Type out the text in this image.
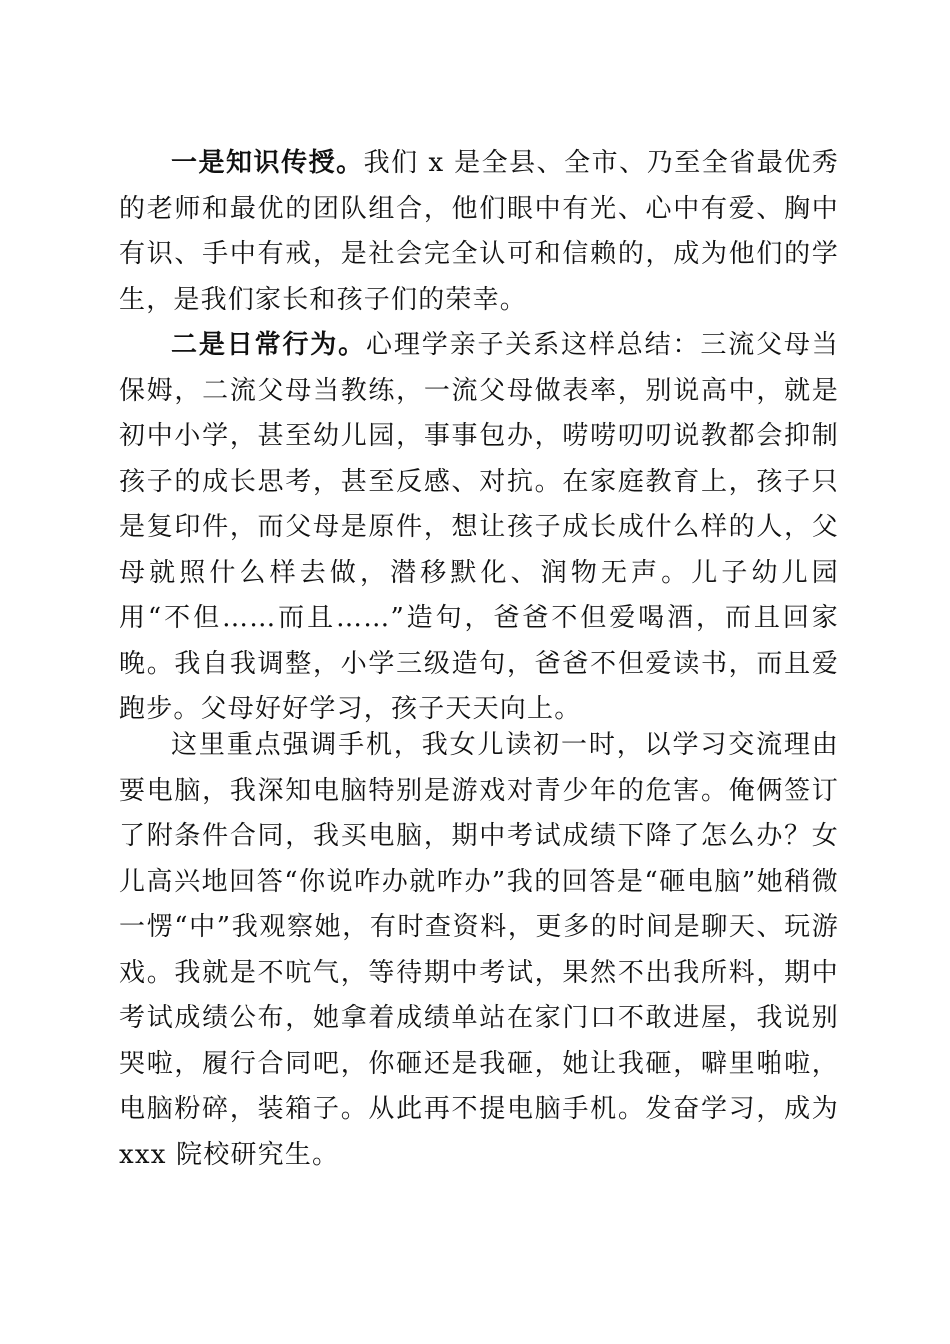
一是知识传授。我们 x 是全县、全市、乃至全省最优秀的老师和最优的团队组合，他们眼中有光、心中有爱、胸中有识、手中有戒，是社会完全认可和信赖的，成为他们的学生，是我们家长和孩子们的荣幸。

二是日常行为。心理学亲子关系这样总结：三流父母当保姆，二流父母当教练，一流父母做表率，别说高中，就是初中小学，甚至幼儿园，事事包办，唠唠叨叨说教都会抑制孩子的成长思考，甚至反感、对抗。在家庭教育上，孩子只是复印件，而父母是原件，想让孩子成长成什么样的人，父母就照什么样去做，潜移默化、润物无声。儿子幼儿园用“不但……而且……”造句，爸爸不但爱喝酒，而且回家晚。我自我调整，小学三级造句，爸爸不但爱读书，而且爱跑步。父母好好学习，孩子天天向上。

这里重点强调手机，我女儿读初一时，以学习交流理由要电脑，我深知电脑特别是游戏对青少年的危害。俺俩签订了附条件合同，我买电脑，期中考试成绩下降了怎么办？女儿高兴地回答“你说咋办就咋办”我的回答是“砸电脑”她稍微一愣“中”我观察她，有时查资料，更多的时间是聊天、玩游戏。我就是不吭气，等待期中考试，果然不出我所料，期中考试成绩公布，她拿着成绩单站在家门口不敢进屋，我说别哭啦，履行合同吧，你砸还是我砸，她让我砸，噼里啪啦，电脑粉碎，装箱子。从此再不提电脑手机。发奋学习，成为 xxx 院校研究生。
